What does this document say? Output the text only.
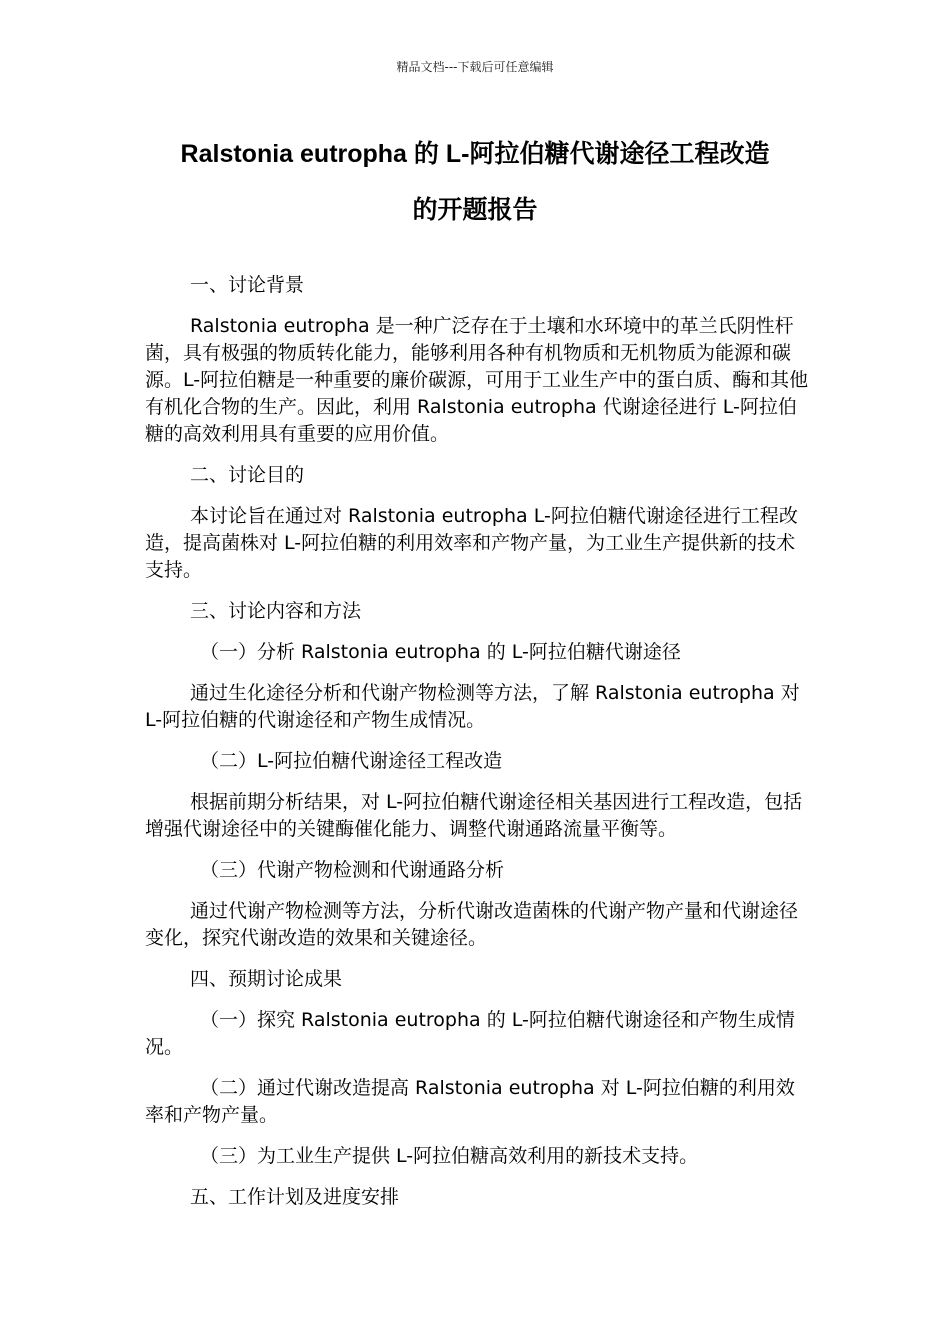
精品文档---下载后可任意编辑
Ralstonia eutropha 的 L-阿拉伯糖代谢途径工程改造
的开题报告

一、讨论背景

Ralstonia eutropha 是一种广泛存在于土壤和水环境中的革兰氏阴性杆菌，具有极强的物质转化能力，能够利用各种有机物质和无机物质为能源和碳源。L-阿拉伯糖是一种重要的廉价碳源，可用于工业生产中的蛋白质、酶和其他有机化合物的生产。因此，利用 Ralstonia eutropha 代谢途径进行 L-阿拉伯糖的高效利用具有重要的应用价值。

二、讨论目的

本讨论旨在通过对 Ralstonia eutropha L-阿拉伯糖代谢途径进行工程改造，提高菌株对 L-阿拉伯糖的利用效率和产物产量，为工业生产提供新的技术支持。

三、讨论内容和方法

（一）分析 Ralstonia eutropha 的 L-阿拉伯糖代谢途径

通过生化途径分析和代谢产物检测等方法，了解 Ralstonia eutropha 对 L-阿拉伯糖的代谢途径和产物生成情况。

（二）L-阿拉伯糖代谢途径工程改造

根据前期分析结果，对 L-阿拉伯糖代谢途径相关基因进行工程改造，包括增强代谢途径中的关键酶催化能力、调整代谢通路流量平衡等。

（三）代谢产物检测和代谢通路分析

通过代谢产物检测等方法，分析代谢改造菌株的代谢产物产量和代谢途径变化，探究代谢改造的效果和关键途径。

四、预期讨论成果

（一）探究 Ralstonia eutropha 的 L-阿拉伯糖代谢途径和产物生成情况。

（二）通过代谢改造提高 Ralstonia eutropha 对 L-阿拉伯糖的利用效率和产物产量。

（三）为工业生产提供 L-阿拉伯糖高效利用的新技术支持。

五、工作计划及进度安排
